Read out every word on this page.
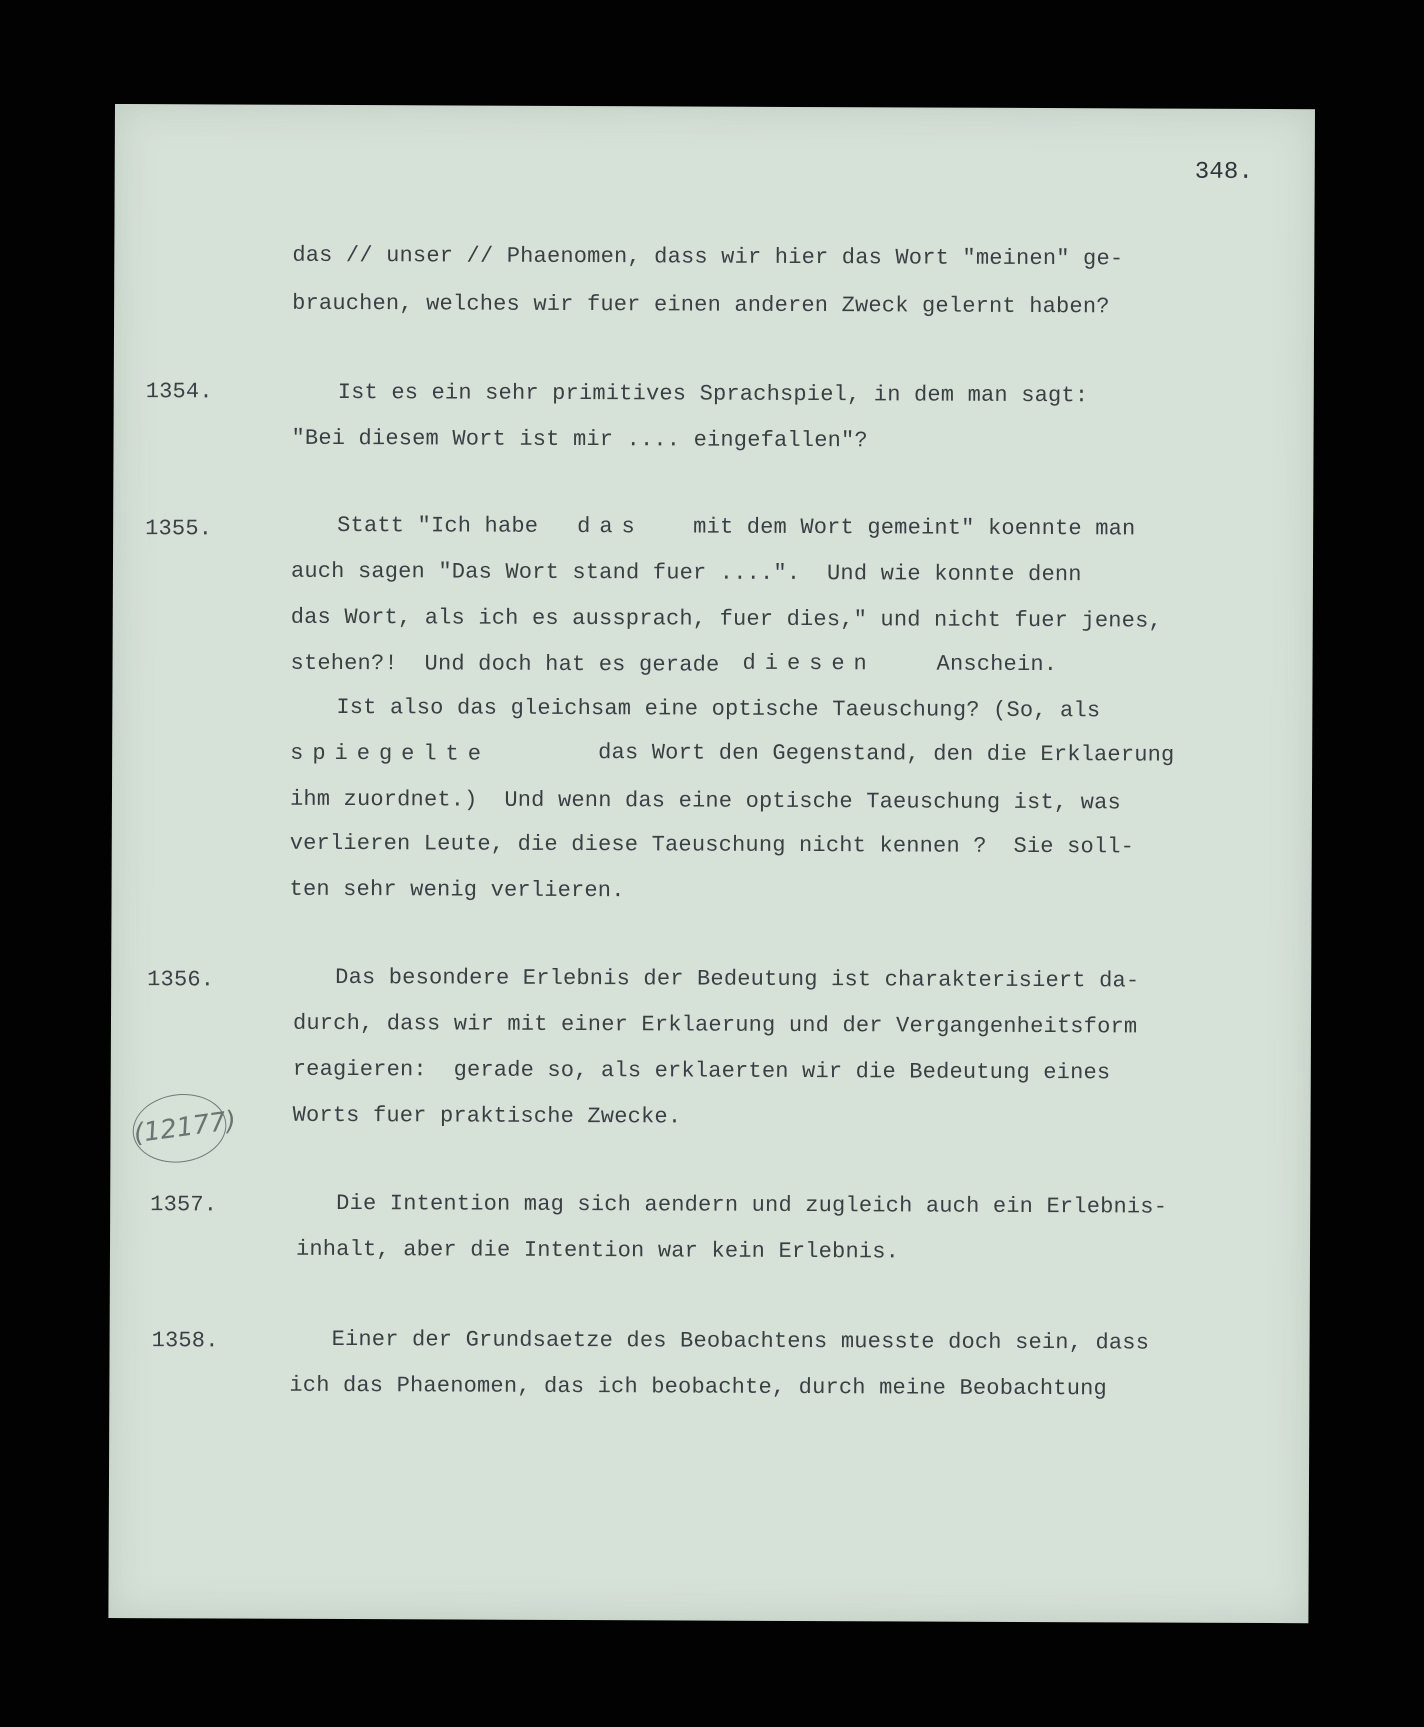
348.
das // unser // Phaenomen, dass wir hier das Wort "meinen" ge-
brauchen, welches wir fuer einen anderen Zweck gelernt haben?
1354.	Ist es ein sehr primitives Sprachspiel, in dem man sagt:
"Bei diesem Wort ist mir .... eingefallen"?
1355.	Statt "Ich habe das mit dem Wort gemeint" koennte man
auch sagen "Das Wort stand fuer ....".  Und wie konnte denn
das Wort, als ich es aussprach, fuer dies," und nicht fuer jenes,
stehen?!  Und doch hat es gerade diesen	Anschein.
Ist also das gleichsam eine optische Taeuschung? (So, als
spiegelte	das Wort den Gegenstand, den die Erklaerung
ihm zuordnet.)  Und wenn das eine optische Taeuschung ist, was
verlieren Leute, die diese Taeuschung nicht kennen ?  Sie soll-
ten sehr wenig verlieren.
1356.
(12177)
Das besondere Erlebnis der Bedeutung ist charakterisiert da-
durch, dass wir mit einer Erklaerung und der Vergangenheitsform
reagieren:  gerade so, als erklaerten wir die Bedeutung eines
Worts fuer praktische Zwecke.
1357.	Die Intention mag sich aendern und zugleich auch ein Erlebnis-
inhalt, aber die Intention war kein Erlebnis.
1358.	Einer der Grundsaetze des Beobachtens muesste doch sein, dass
ich das Phaenomen, das ich beobachte, durch meine Beobachtung
